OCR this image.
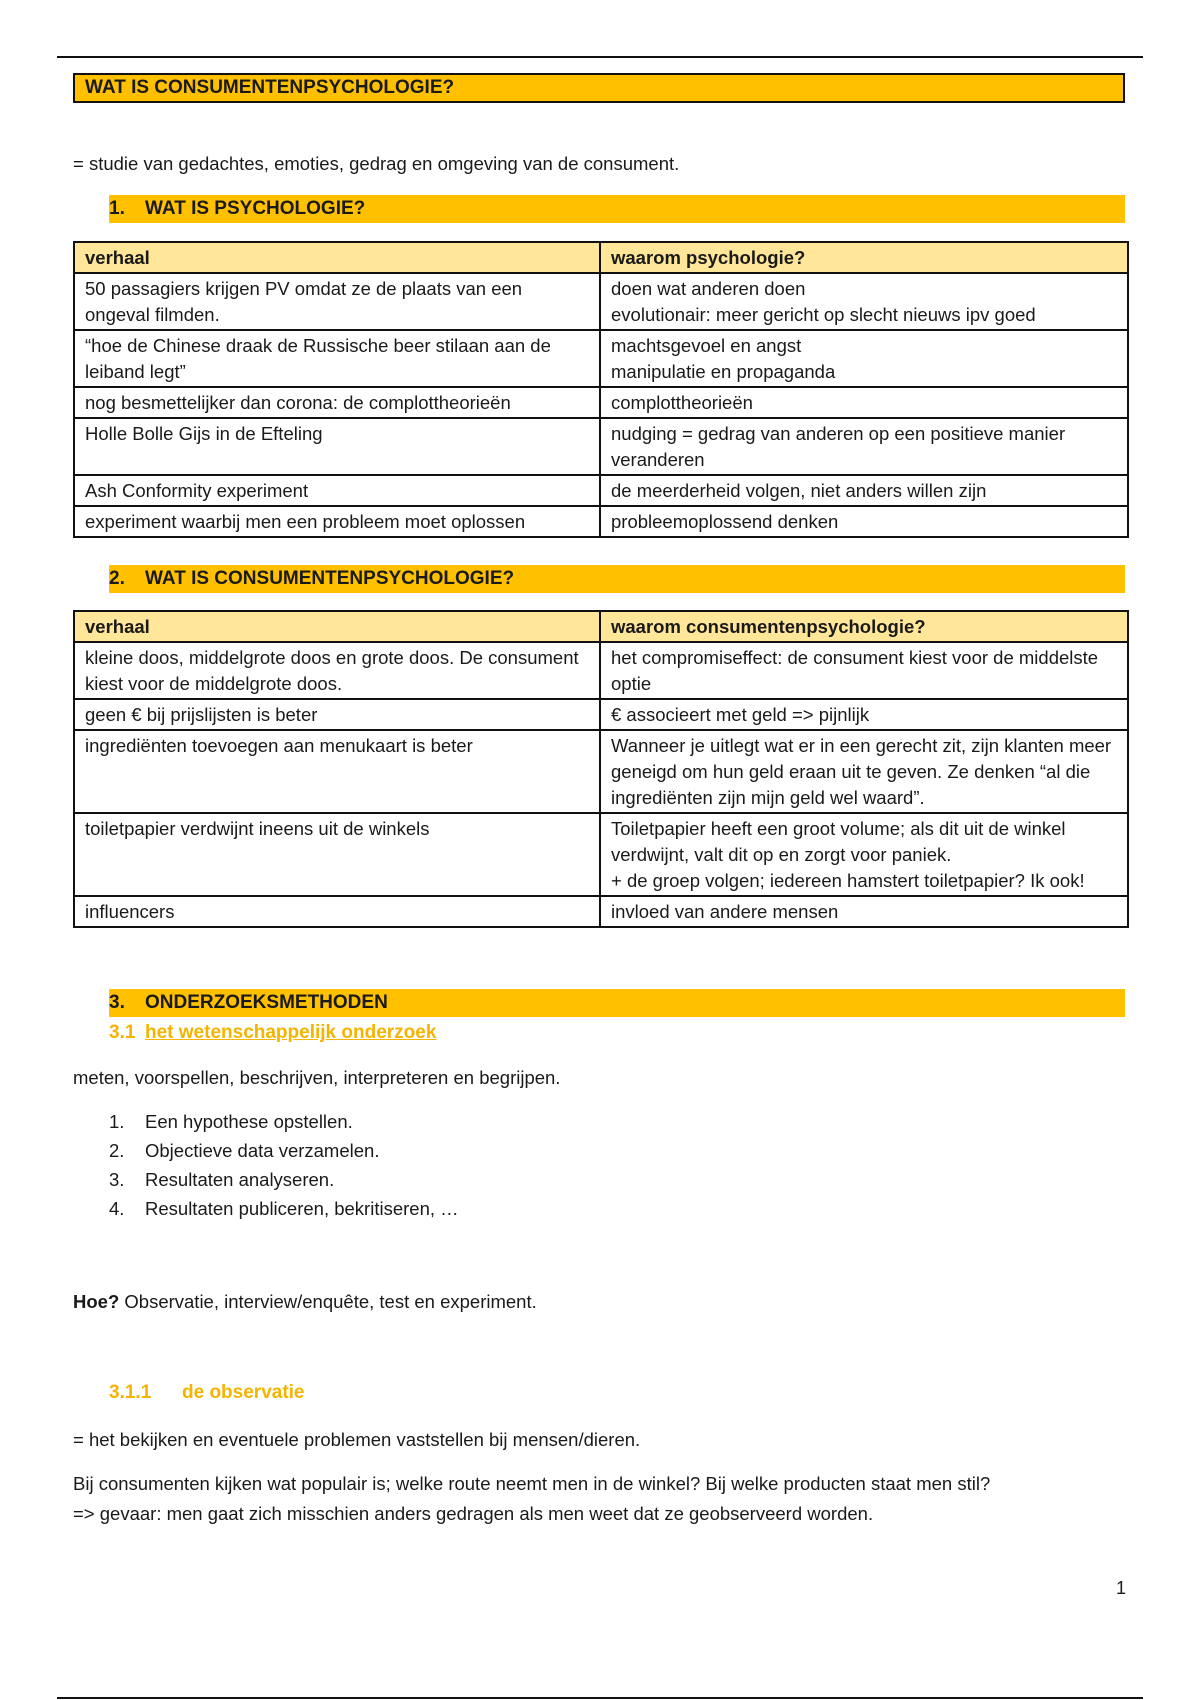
WAT IS CONSUMENTENPSYCHOLOGIE?
= studie van gedachtes, emoties, gedrag en omgeving van de consument.
1. WAT IS PSYCHOLOGIE?
verhaal	waarom psychologie?
50 passagiers krijgen PV omdat ze de plaats van een ongeval filmden.	doen wat anderen doen
evolutionair: meer gericht op slecht nieuws ipv goed
“hoe de Chinese draak de Russische beer stilaan aan de leiband legt”	machtsgevoel en angst
manipulatie en propaganda
nog besmettelijker dan corona: de complottheorieën	complottheorieën
Holle Bolle Gijs in de Efteling	nudging = gedrag van anderen op een positieve manier veranderen
Ash Conformity experiment	de meerderheid volgen, niet anders willen zijn
experiment waarbij men een probleem moet oplossen	probleemoplossend denken
2. WAT IS CONSUMENTENPSYCHOLOGIE?
verhaal	waarom consumentenpsychologie?
kleine doos, middelgrote doos en grote doos. De consument kiest voor de middelgrote doos.	het compromiseffect: de consument kiest voor de middelste optie
geen € bij prijslijsten is beter	€ associeert met geld => pijnlijk
ingrediënten toevoegen aan menukaart is beter	Wanneer je uitlegt wat er in een gerecht zit, zijn klanten meer geneigd om hun geld eraan uit te geven. Ze denken “al die ingrediënten zijn mijn geld wel waard”.
toiletpapier verdwijnt ineens uit de winkels	Toiletpapier heeft een groot volume; als dit uit de winkel verdwijnt, valt dit op en zorgt voor paniek.
+ de groep volgen; iedereen hamstert toiletpapier? Ik ook!
influencers	invloed van andere mensen
3. ONDERZOEKSMETHODEN
3.1 het wetenschappelijk onderzoek
meten, voorspellen, beschrijven, interpreteren en begrijpen.
1. Een hypothese opstellen.
2. Objectieve data verzamelen.
3. Resultaten analyseren.
4. Resultaten publiceren, bekritiseren, …
Hoe? Observatie, interview/enquête, test en experiment.
3.1.1 de observatie
= het bekijken en eventuele problemen vaststellen bij mensen/dieren.
Bij consumenten kijken wat populair is; welke route neemt men in de winkel? Bij welke producten staat men stil?
=> gevaar: men gaat zich misschien anders gedragen als men weet dat ze geobserveerd worden.
1
